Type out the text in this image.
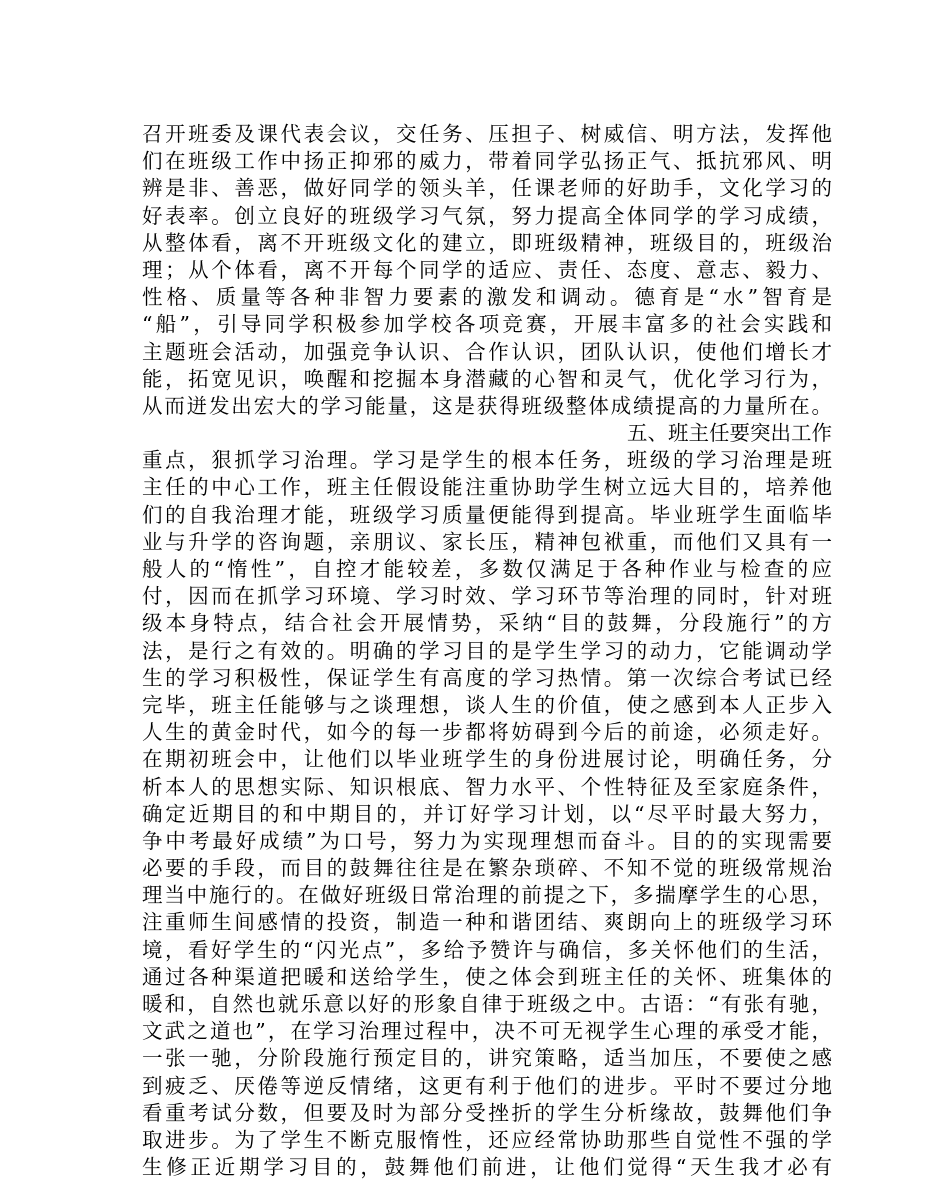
召开班委及课代表会议，交任务、压担子、树威信、明方法，发挥他
们在班级工作中扬正抑邪的威力，带着同学弘扬正气、抵抗邪风、明
辨是非、善恶，做好同学的领头羊，任课老师的好助手，文化学习的
好表率。创立良好的班级学习气氛，努力提高全体同学的学习成绩，
从整体看，离不开班级文化的建立，即班级精神，班级目的，班级治
理；从个体看，离不开每个同学的适应、责任、态度、意志、毅力、
性格、质量等各种非智力要素的激发和调动。德育是“水”智育是
“船”，引导同学积极参加学校各项竞赛，开展丰富多的社会实践和
主题班会活动，加强竞争认识、合作认识，团队认识，使他们增长才
能，拓宽见识，唤醒和挖掘本身潜藏的心智和灵气，优化学习行为，
从而迸发出宏大的学习能量，这是获得班级整体成绩提高的力量所在。
五、班主任要突出工作
重点，狠抓学习治理。学习是学生的根本任务，班级的学习治理是班
主任的中心工作，班主任假设能注重协助学生树立远大目的，培养他
们的自我治理才能，班级学习质量便能得到提高。毕业班学生面临毕
业与升学的咨询题，亲朋议、家长压，精神包袱重，而他们又具有一
般人的“惰性”，自控才能较差，多数仅满足于各种作业与检查的应
付，因而在抓学习环境、学习时效、学习环节等治理的同时，针对班
级本身特点，结合社会开展情势，采纳“目的鼓舞，分段施行”的方
法，是行之有效的。明确的学习目的是学生学习的动力，它能调动学
生的学习积极性，保证学生有高度的学习热情。第一次综合考试已经
完毕，班主任能够与之谈理想，谈人生的价值，使之感到本人正步入
人生的黄金时代，如今的每一步都将妨碍到今后的前途，必须走好。
在期初班会中，让他们以毕业班学生的身份进展讨论，明确任务，分
析本人的思想实际、知识根底、智力水平、个性特征及至家庭条件，
确定近期目的和中期目的，并订好学习计划，以“尽平时最大努力，
争中考最好成绩”为口号，努力为实现理想而奋斗。目的的实现需要
必要的手段，而目的鼓舞往往是在繁杂琐碎、不知不觉的班级常规治
理当中施行的。在做好班级日常治理的前提之下，多揣摩学生的心思，
注重师生间感情的投资，制造一种和谐团结、爽朗向上的班级学习环
境，看好学生的“闪光点”，多给予赞许与确信，多关怀他们的生活，
通过各种渠道把暖和送给学生，使之体会到班主任的关怀、班集体的
暖和，自然也就乐意以好的形象自律于班级之中。古语：“有张有驰，
文武之道也”，在学习治理过程中，决不可无视学生心理的承受才能，
一张一驰，分阶段施行预定目的，讲究策略，适当加压，不要使之感
到疲乏、厌倦等逆反情绪，这更有利于他们的进步。平时不要过分地
看重考试分数，但要及时为部分受挫折的学生分析缘故，鼓舞他们争
取进步。为了学生不断克服惰性，还应经常协助那些自觉性不强的学
生修正近期学习目的，鼓舞他们前进，让他们觉得“天生我才必有
